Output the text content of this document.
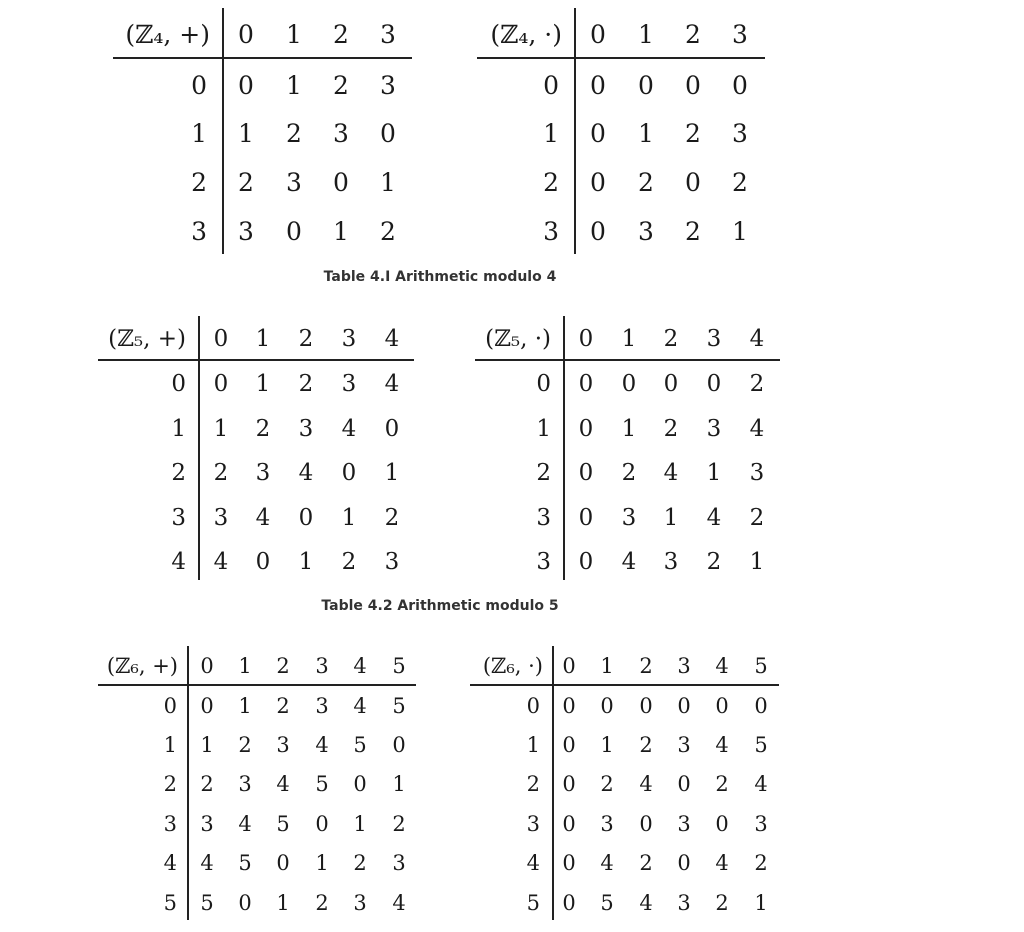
(ℤ₄, +) 0 1 2 3
0 0 1 2 3
1 1 2 3 0
2 2 3 0 1
3 3 0 1 2
(ℤ₄, ·) 0 1 2 3
0 0 0 0 0
1 0 1 2 3
2 0 2 0 2
3 0 3 2 1
Table 4.I Arithmetic modulo 4
(ℤ₅, +) 0 1 2 3 4
0 0 1 2 3 4
1 1 2 3 4 0
2 2 3 4 0 1
3 3 4 0 1 2
4 4 0 1 2 3
(ℤ₅, ·) 0 1 2 3 4
0 0 0 0 0 2
1 0 1 2 3 4
2 0 2 4 1 3
3 0 3 1 4 2
3 0 4 3 2 1
Table 4.2 Arithmetic modulo 5
(ℤ₆, +) 0 1 2 3 4 5
0 0 1 2 3 4 5
1 1 2 3 4 5 0
2 2 3 4 5 0 1
3 3 4 5 0 1 2
4 4 5 0 1 2 3
5 5 0 1 2 3 4
(ℤ₆, ·) 0 1 2 3 4 5
0 0 0 0 0 0 0
1 0 1 2 3 4 5
2 0 2 4 0 2 4
3 0 3 0 3 0 3
4 0 4 2 0 4 2
5 0 5 4 3 2 1
